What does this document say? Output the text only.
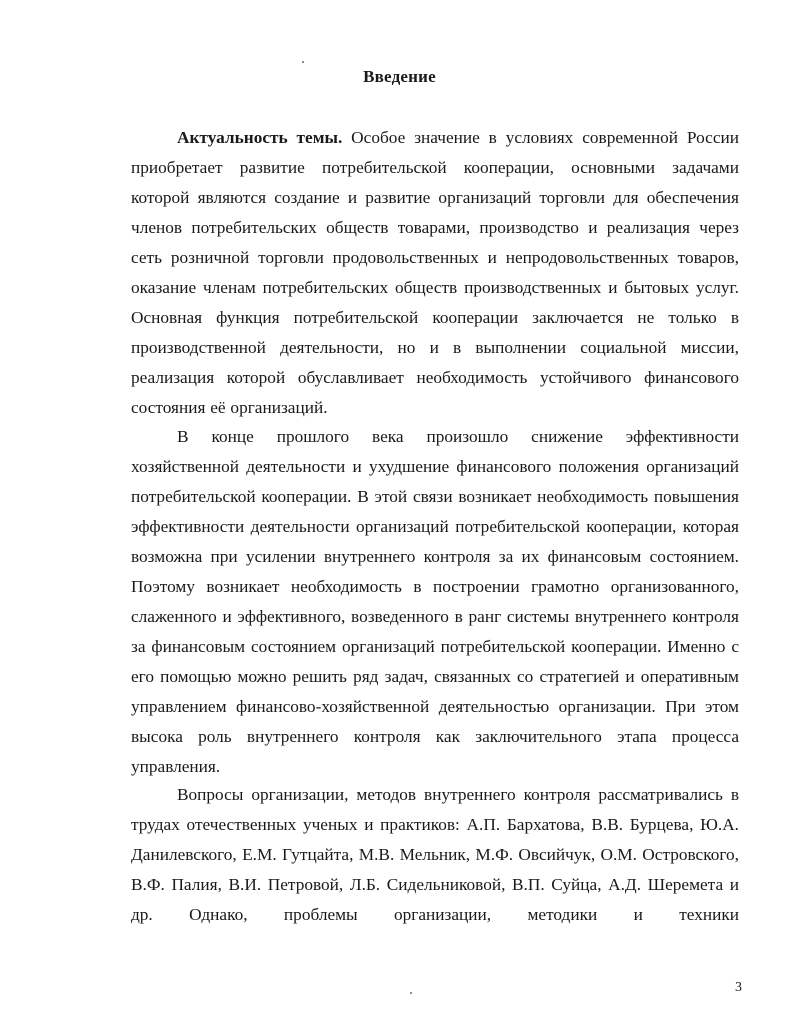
Введение

Актуальность темы. Особое значение в условиях современной России приобретает развитие потребительской кооперации, основными задачами которой являются создание и развитие организаций торговли для обеспечения членов потребительских обществ товарами, производство и реализация через сеть розничной торговли продовольственных и непродовольственных товаров, оказание членам потребительских обществ производственных и бытовых услуг. Основная функция потребительской кооперации заключается не только в производственной деятельности, но и в выполнении социальной миссии, реализация которой обуславливает необходимость устойчивого финансового состояния её организаций.

В конце прошлого века произошло снижение эффективности хозяйственной деятельности и ухудшение финансового положения организаций потребительской кооперации. В этой связи возникает необходимость повышения эффективности деятельности организаций потребительской кооперации, которая возможна при усилении внутреннего контроля за их финансовым состоянием. Поэтому возникает необходимость в построении грамотно организованного, слаженного и эффективного, возведенного в ранг системы внутреннего контроля за финансовым состоянием организаций потребительской кооперации. Именно с его помощью можно решить ряд задач, связанных со стратегией и оперативным управлением финансово-хозяйственной деятельностью организации. При этом высока роль внутреннего контроля как заключительного этапа процесса управления.

Вопросы организации, методов внутреннего контроля рассматривались в трудах отечественных ученых и практиков: А.П. Бархатова, В.В. Бурцева, Ю.А. Данилевского, Е.М. Гутцайта, М.В. Мельник, М.Ф. Овсийчук, О.М. Островского, В.Ф. Палия, В.И. Петровой, Л.Б. Сидельниковой, В.П. Суйца, А.Д. Шеремета и др. Однако, проблемы организации, методики и техники

3
